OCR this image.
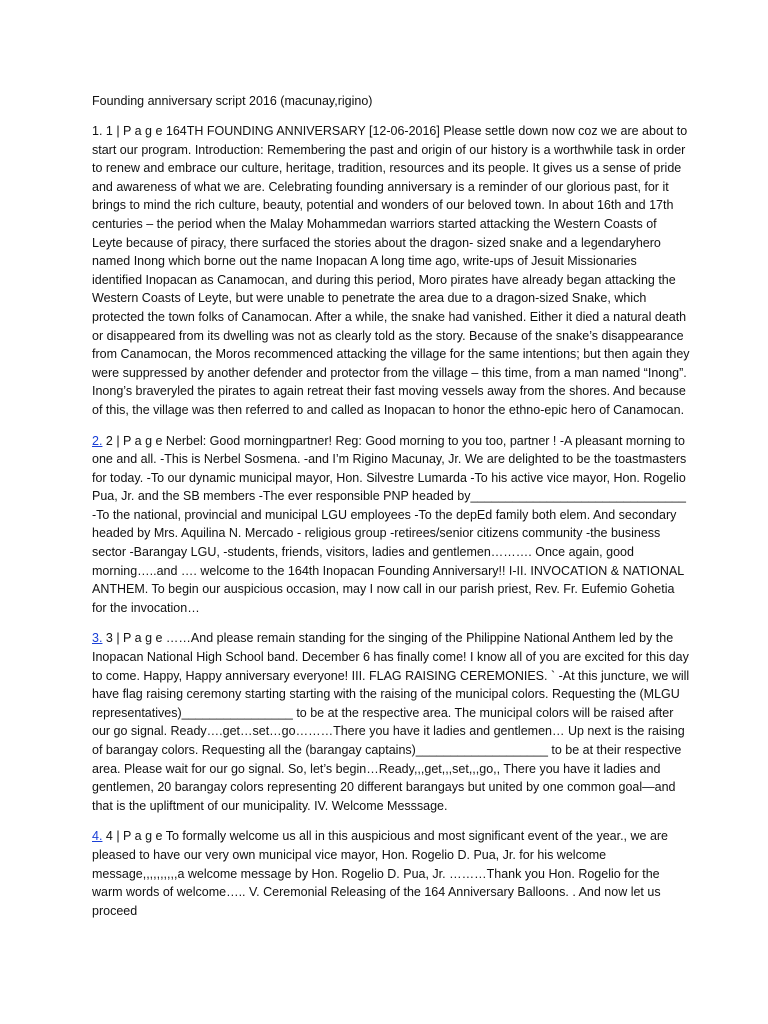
Founding anniversary script 2016 (macunay,rigino)

1. 1 | P a g e 164TH FOUNDING ANNIVERSARY [12-06-2016] Please settle down now coz we are about to start our program. Introduction: Remembering the past and origin of our history is a worthwhile task in order to renew and embrace our culture, heritage, tradition, resources and its people. It gives us a sense of pride and awareness of what we are. Celebrating founding anniversary is a reminder of our glorious past, for it brings to mind the rich culture, beauty, potential and wonders of our beloved town. In about 16th and 17th centuries – the period when the Malay Mohammedan warriors started attacking the Western Coasts of Leyte because of piracy, there surfaced the stories about the dragon- sized snake and a legendaryhero named Inong which borne out the name Inopacan A long time ago, write-ups of Jesuit Missionaries identified Inopacan as Canamocan, and during this period, Moro pirates have already began attacking the Western Coasts of Leyte, but were unable to penetrate the area due to a dragon-sized Snake, which protected the town folks of Canamocan. After a while, the snake had vanished. Either it died a natural death or disappeared from its dwelling was not as clearly told as the story. Because of the snake’s disappearance from Canamocan, the Moros recommenced attacking the village for the same intentions; but then again they were suppressed by another defender and protector from the village – this time, from a man named “Inong”. Inong’s braveryled the pirates to again retreat their fast moving vessels away from the shores. And because of this, the village was then referred to and called as Inopacan to honor the ethno-epic hero of Canamocan.

2. 2 | P a g e Nerbel: Good morningpartner! Reg: Good morning to you too, partner ! -A pleasant morning to one and all. -This is Nerbel Sosmena. -and I’m Rigino Macunay, Jr. We are delighted to be the toastmasters for today. -To our dynamic municipal mayor, Hon. Silvestre Lumarda -To his active vice mayor, Hon. Rogelio Pua, Jr. and the SB members -The ever responsible PNP headed by_______________________________ -To the national, provincial and municipal LGU employees -To the depEd family both elem. And secondary headed by Mrs. Aquilina N. Mercado - religious group -retirees/senior citizens community -the business sector -Barangay LGU, -students, friends, visitors, ladies and gentlemen………. Once again, good morning…..and …. welcome to the 164th Inopacan Founding Anniversary!! I-II. INVOCATION & NATIONAL ANTHEM. To begin our auspicious occasion, may I now call in our parish priest, Rev. Fr. Eufemio Gohetia for the invocation…

3. 3 | P a g e ……And please remain standing for the singing of the Philippine National Anthem led by the Inopacan National High School band. December 6 has finally come! I know all of you are excited for this day to come. Happy, Happy anniversary everyone! III. FLAG RAISING CEREMONIES. ` -At this juncture, we will have flag raising ceremony starting starting with the raising of the municipal colors. Requesting the (MLGU representatives)________________ to be at the respective area. The municipal colors will be raised after our go signal. Ready….get…set…go………There you have it ladies and gentlemen… Up next is the raising of barangay colors. Requesting all the (barangay captains)___________________ to be at their respective area. Please wait for our go signal. So, let’s begin…Ready,,,get,,,set,,,go,, There you have it ladies and gentlemen, 20 barangay colors representing 20 different barangays but united by one common goal—and that is the upliftment of our municipality. IV. Welcome Messsage.

4. 4 | P a g e To formally welcome us all in this auspicious and most significant event of the year., we are pleased to have our very own municipal vice mayor, Hon. Rogelio D. Pua, Jr. for his welcome message,,,,,,,,,,a welcome message by Hon. Rogelio D. Pua, Jr. ………Thank you Hon. Rogelio for the warm words of welcome….. V. Ceremonial Releasing of the 164 Anniversary Balloons. . And now let us proceed
